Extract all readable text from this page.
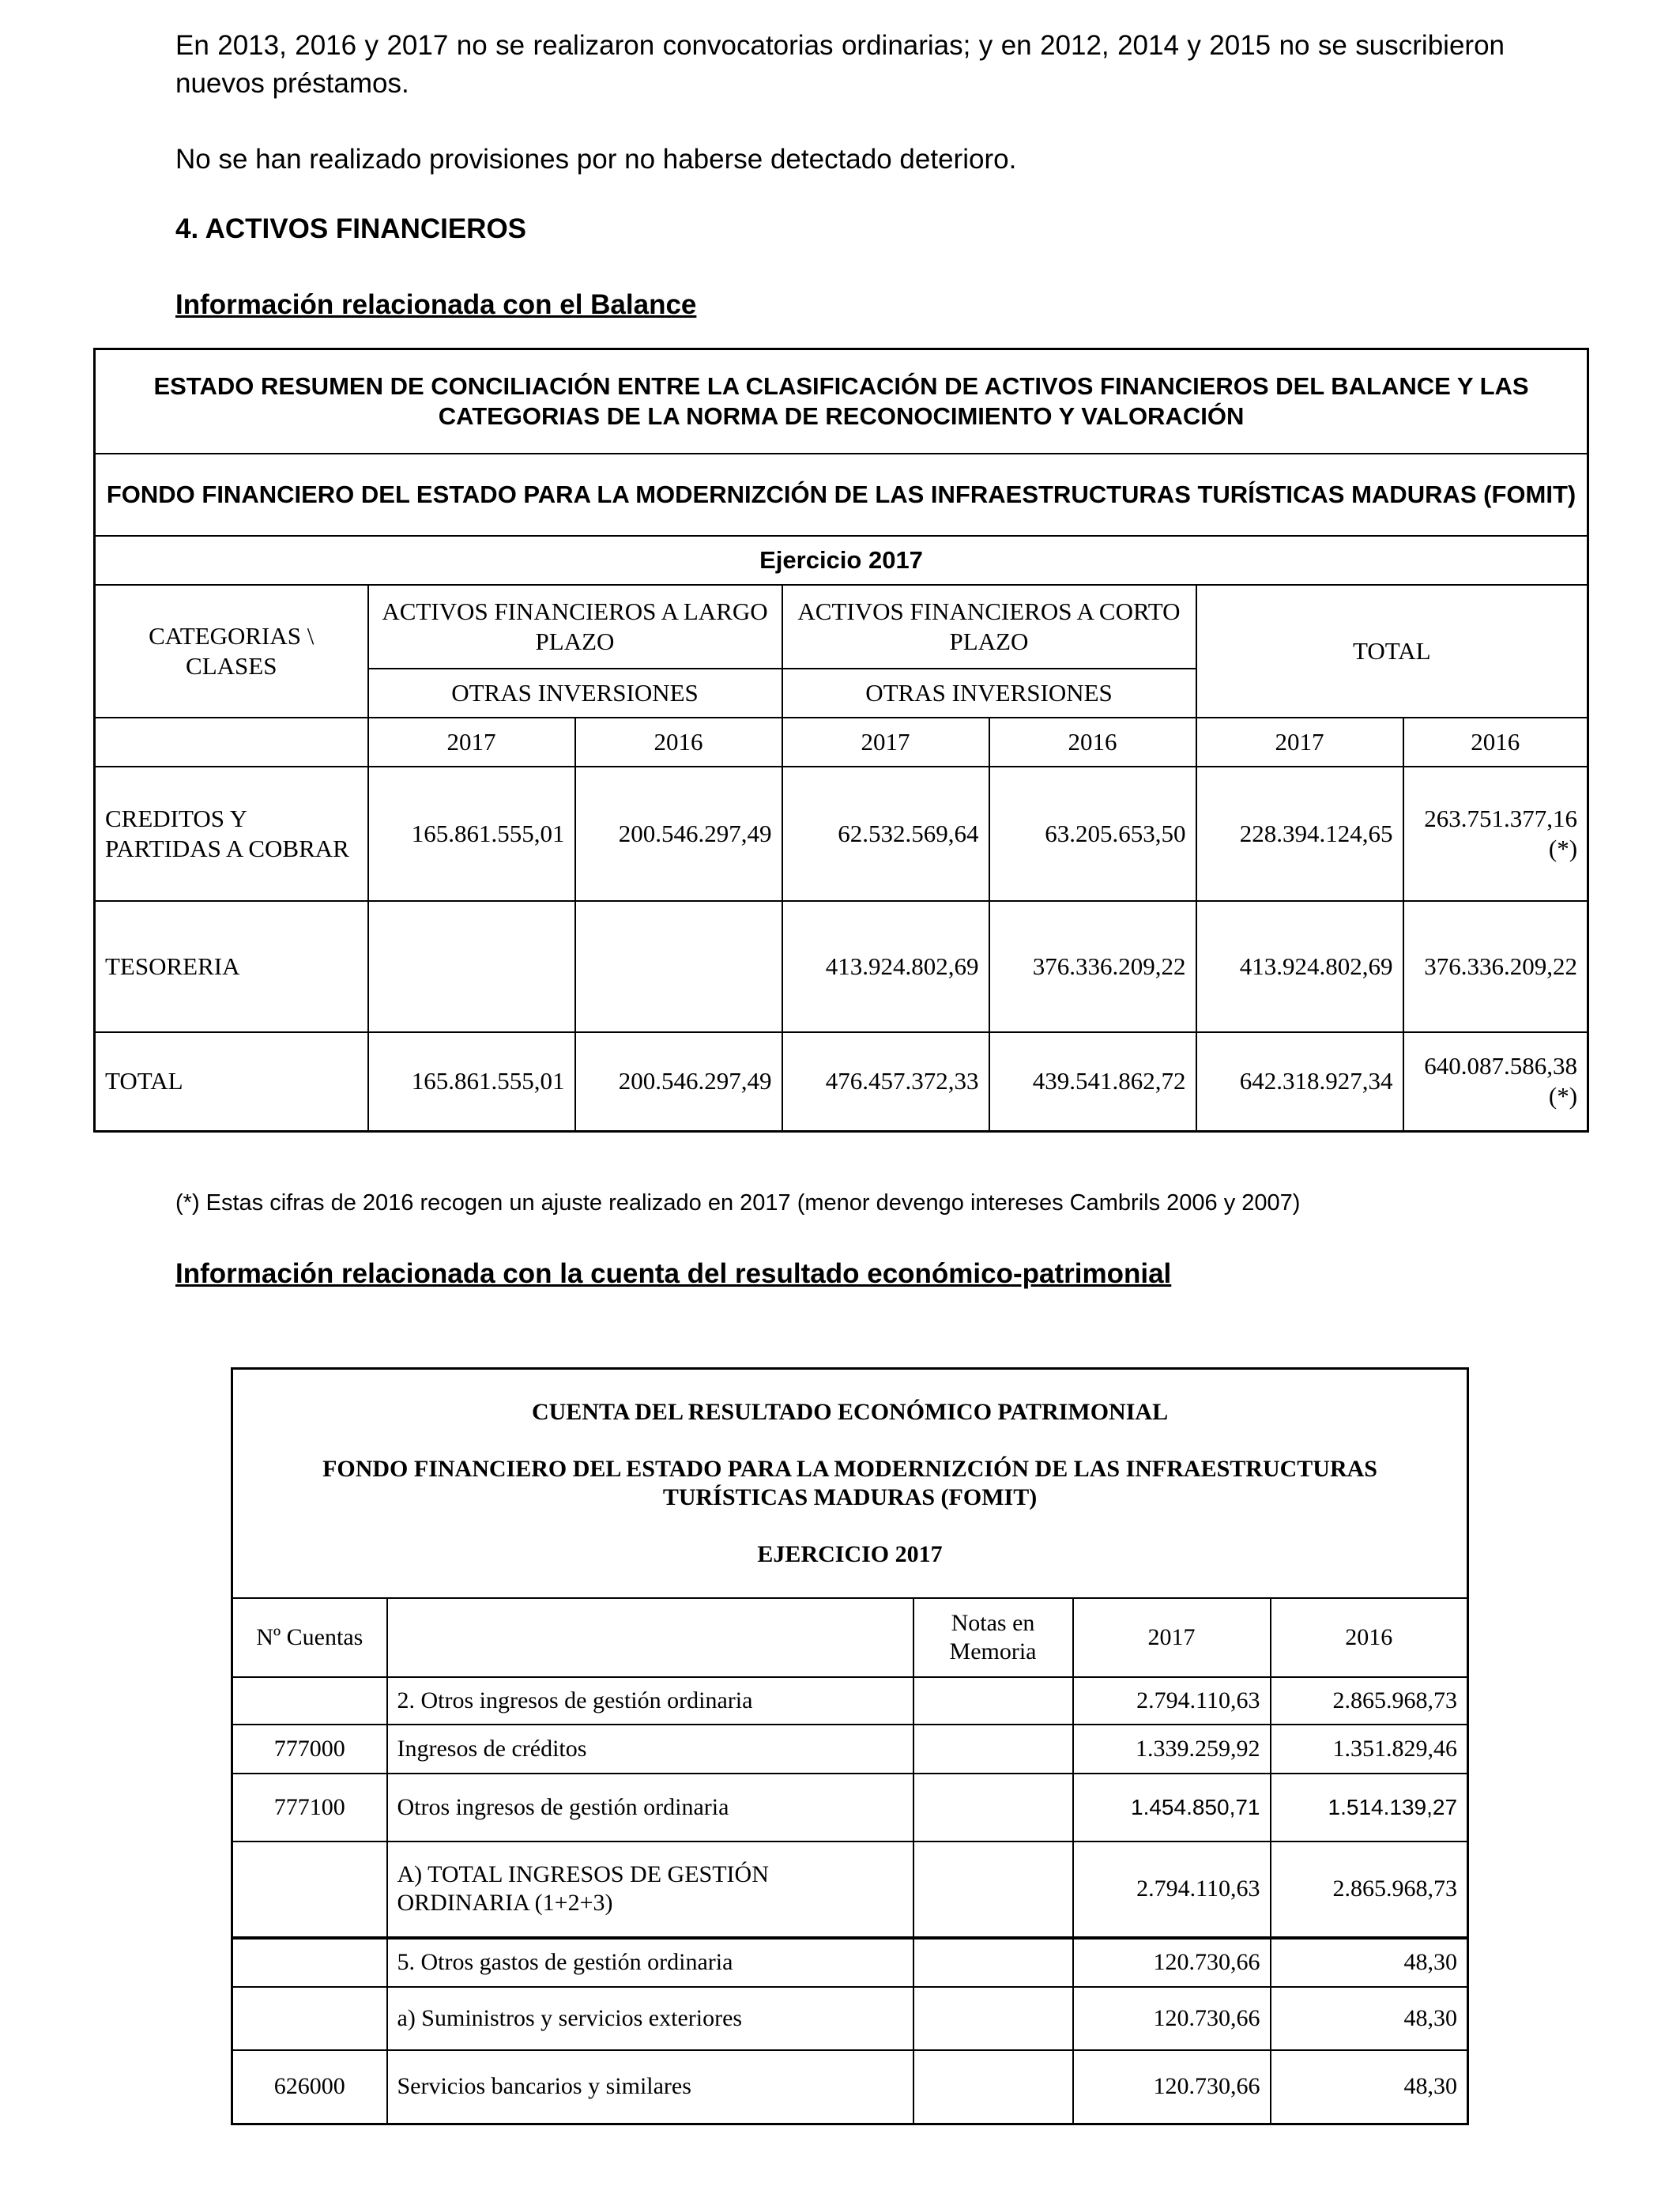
En 2013, 2016 y 2017 no se realizaron convocatorias ordinarias; y en 2012, 2014 y 2015 no se suscribieron nuevos préstamos.
No se han realizado provisiones por no haberse detectado deterioro.
4. ACTIVOS FINANCIEROS
Información relacionada con el Balance
ESTADO RESUMEN DE CONCILIACIÓN ENTRE LA CLASIFICACIÓN DE ACTIVOS FINANCIEROS DEL BALANCE Y LAS CATEGORIAS DE LA NORMA DE RECONOCIMIENTO Y VALORACIÓN						
FONDO FINANCIERO DEL ESTADO PARA LA MODERNIZCIÓN DE LAS INFRAESTRUCTURAS TURÍSTICAS MADURAS (FOMIT)						
Ejercicio 2017						
CATEGORIAS \ CLASES	ACTIVOS FINANCIEROS A LARGO PLAZO		ACTIVOS FINANCIEROS A CORTO PLAZO		TOTAL	
	OTRAS INVERSIONES		OTRAS INVERSIONES			
	2017	2016	2017	2016	2017	2016
CREDITOS Y PARTIDAS A COBRAR	165.861.555,01	200.546.297,49	62.532.569,64	63.205.653,50	228.394.124,65	263.751.377,16 (*)
TESORERIA			413.924.802,69	376.336.209,22	413.924.802,69	376.336.209,22
TOTAL	165.861.555,01	200.546.297,49	476.457.372,33	439.541.862,72	642.318.927,34	640.087.586,38 (*)
(*) Estas cifras de 2016 recogen un ajuste realizado en 2017 (menor devengo intereses Cambrils 2006 y 2007)
Información relacionada con la cuenta del resultado económico-patrimonial
CUENTA DEL RESULTADO ECONÓMICO PATRIMONIAL
FONDO FINANCIERO DEL ESTADO PARA LA MODERNIZCIÓN DE LAS INFRAESTRUCTURAS TURÍSTICAS MADURAS (FOMIT)
EJERCICIO 2017				

Nº Cuentas		Notas en Memoria	2017	2016
	2. Otros ingresos de gestión ordinaria		2.794.110,63	2.865.968,73
777000	Ingresos de créditos		1.339.259,92	1.351.829,46
777100	Otros ingresos de gestión ordinaria		1.454.850,71	1.514.139,27
	A) TOTAL INGRESOS DE GESTIÓN ORDINARIA (1+2+3)		2.794.110,63	2.865.968,73
	5. Otros gastos de gestión ordinaria		120.730,66	48,30
	a) Suministros y servicios exteriores		120.730,66	48,30
626000	Servicios bancarios y similares		120.730,66	48,30
